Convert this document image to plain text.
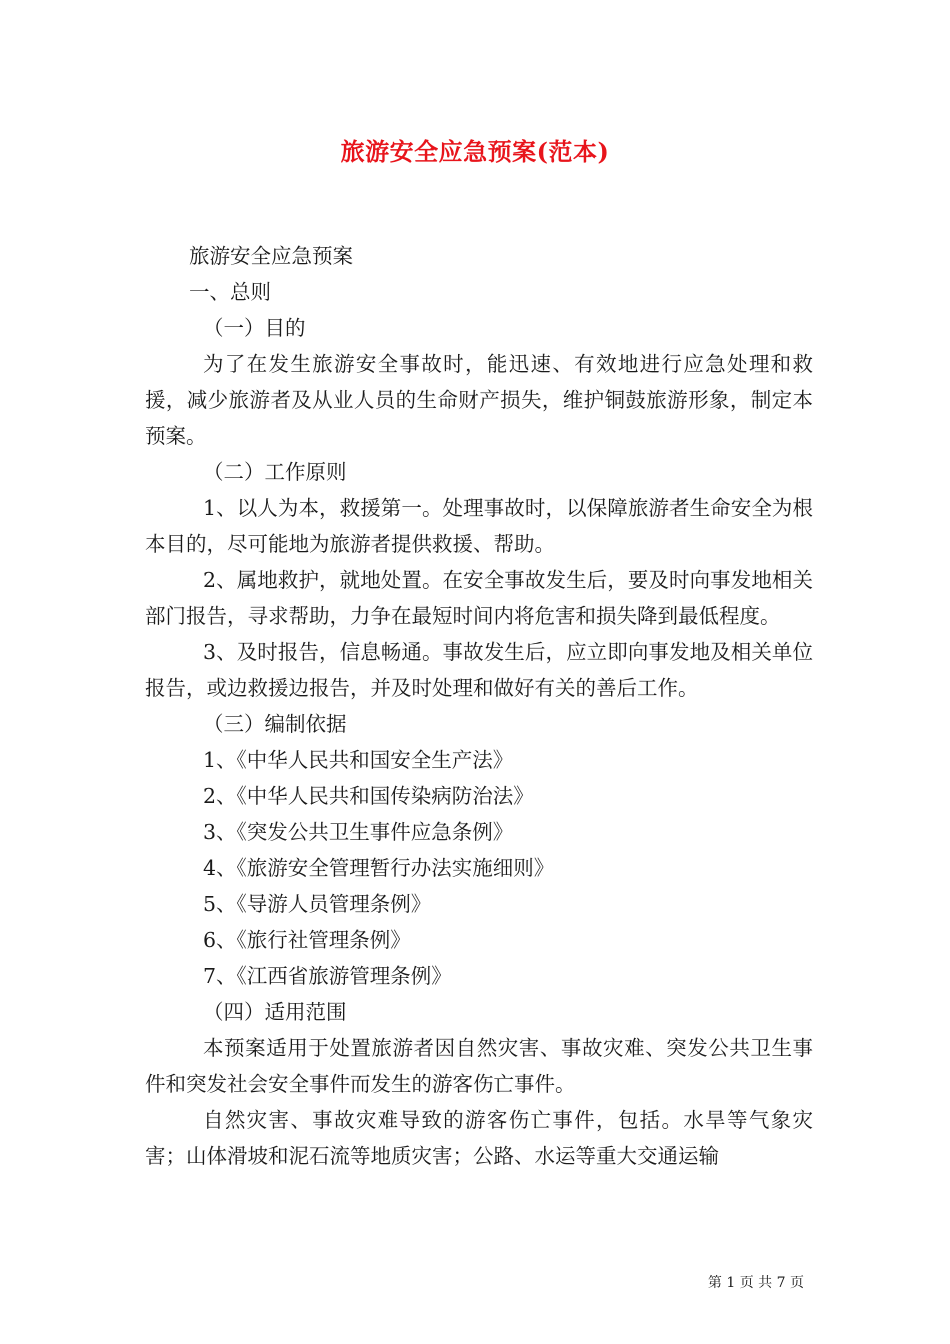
旅游安全应急预案(范本)
旅游安全应急预案
一、总则
（一）目的

为了在发生旅游安全事故时，能迅速、有效地进行应急处理和救援，减少旅游者及从业人员的生命财产损失，维护铜鼓旅游形象，制定本预案。

（二）工作原则

1、以人为本，救援第一。处理事故时，以保障旅游者生命安全为根本目的，尽可能地为旅游者提供救援、帮助。

2、属地救护，就地处置。在安全事故发生后，要及时向事发地相关部门报告，寻求帮助，力争在最短时间内将危害和损失降到最低程度。

3、及时报告，信息畅通。事故发生后，应立即向事发地及相关单位报告，或边救援边报告，并及时处理和做好有关的善后工作。

（三）编制依据
1、《中华人民共和国安全生产法》
2、《中华人民共和国传染病防治法》
3、《突发公共卫生事件应急条例》
4、《旅游安全管理暂行办法实施细则》
5、《导游人员管理条例》
6、《旅行社管理条例》
7、《江西省旅游管理条例》
（四）适用范围

本预案适用于处置旅游者因自然灾害、事故灾难、突发公共卫生事件和突发社会安全事件而发生的游客伤亡事件。

自然灾害、事故灾难导致的游客伤亡事件，包括。水旱等气象灾害；山体滑坡和泥石流等地质灾害；公路、水运等重大交通运输

第 1 页 共 7 页
